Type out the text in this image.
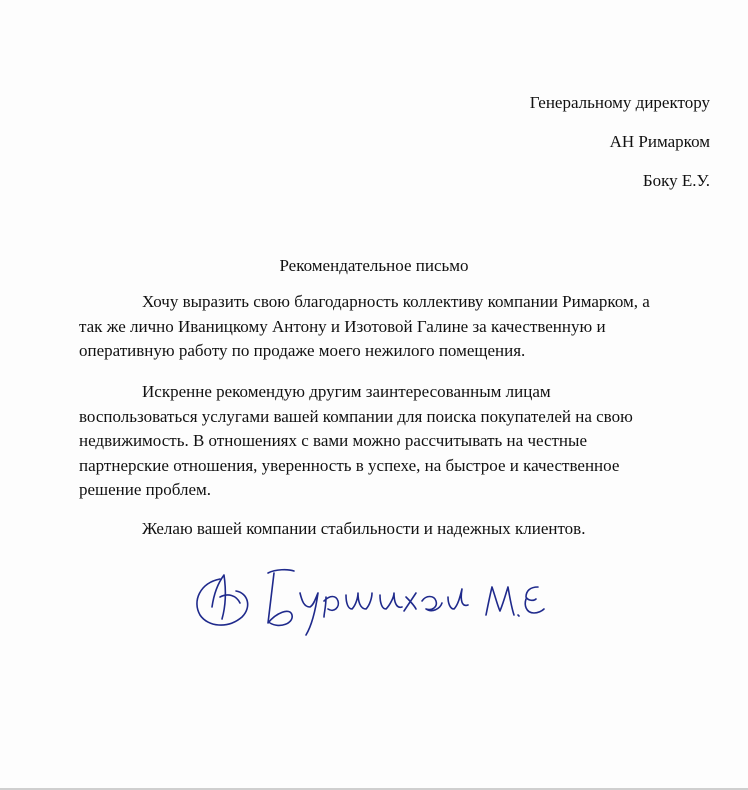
Генеральному директору
АН Римарком
Боку Е.У.
Рекомендательное письмо
Хочу выразить свою благодарность коллективу компании Римарком, а
так же лично Иваницкому Антону и Изотовой Галине за качественную и
оперативную работу по продаже моего нежилого помещения.
Искренне рекомендую другим заинтересованным лицам
воспользоваться услугами вашей компании для поиска покупателей на свою
недвижимость. В отношениях с вами можно рассчитывать на честные
партнерские отношения, уверенность в успехе, на быстрое и качественное
решение проблем.
Желаю вашей компании стабильности и надежных клиентов.
